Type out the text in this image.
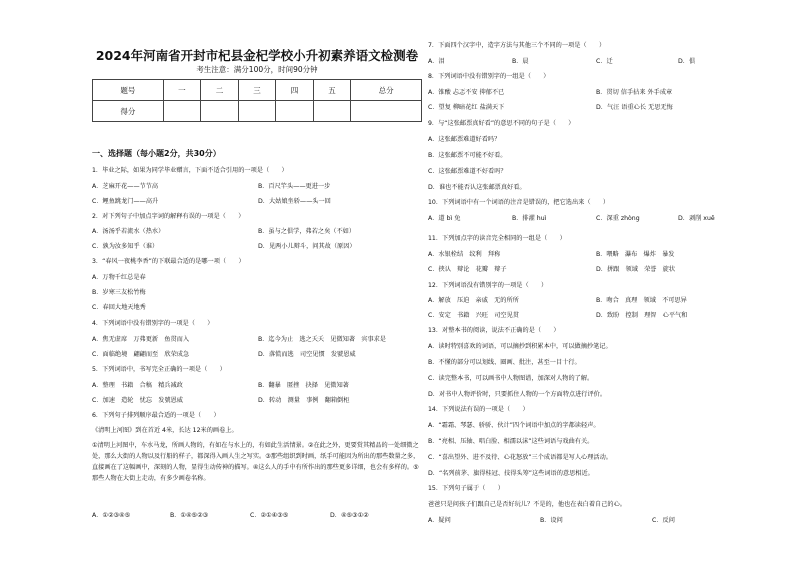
2024年河南省开封市杞县金杞学校小升初素养语文检测卷
考生注意：满分100分，时间90分钟
题号	一	二	三	四	五	总分
得分						
一、选择题（每小题2分，共30分）
1．毕业之际，如果为同学毕业赠言，下面不适合引用的一项是（　　）
A．芝麻开花——节节高	B．百尺竿头——更进一步
C．鲤鱼跳龙门——高升	D．大姑娘坐轿——头一回
2．对下列句子中加点字词的解释有误的一项是（　　）
A．汤汤乎若流水（热水）	B．虽与之俱学，弗若之矣（不如）
C．孰为汝多知乎（谁）	D．见两小儿辩斗，问其故（原因）
3．“春风一夜桃李香”的下联最合适的是哪一项（　　）
A．万物千红总是春
B．岁寒三友松竹梅
C．春回大地天地秀
4．下列词语中没有错别字的一项是（　　）
A．焦无虚席　万弗更新　鱼贯而入	B．迄今为止　逃之夭夭　见微知著　宾事求是
C．面临绝境　翩翩而至　欣荣成急	D．落慌而逃　司空见惯　发號恩威
5．下列词语中，书写完全正确的一项是（　　）
A．整理　书籍　合稿　精兵减政	B．翻暴　匿挫　抉择　见微知著
C．加速　造轮　忧忘　发號恩威	D．转动　测量　事例　翻箱倒柜
6．下列句子排列顺序最合适的一项是（　　）
《清明上河图》到在首近 4米，长达 12米的画卷上。
①清明上河图中，车水马龙，所画人物的，有如在与水上的，有如此生活情景。②在此之外，更要赏其精品的一处细微之处，那么大街的人物以及行船的样子，都深得入画人生之写实。③那些组织到时画，纸手可能因为所出的那些数量之多，直接画在了这幅画中，深刻的人物，显得生动传神的描写。④这么人的手中有所作出的那些更多详细，也会有多样的。⑤那些人物在大街上走动，有多少画卷名称。
A．①②③④⑤	B．①④⑤②③	C．②①④③⑤	D．④⑤③①②
7．下面四个汉字中，造字方法与其他三个不同的一项是（　　）
A．泪	B．晨	C．迁	D．俱
8．下列词语中没有错别字的一组是（　　）
A．锥酸 忐忑不安 抑郁不已	B．贯切 信手拈来 外手成章
C．望复 柳暗花红 盐满天下	D．气汪 语重心长 无思无悔
9．与“这张邮票真好看”的意思不同的句子是（　　）
A．这张邮票难道好看吗？
B．这张邮票不可能不好看。
C．这张邮票难道不好看吗？
D．谁也不能否认这张邮票真好看。
10．下列词语中有一个词语的注音是错误的，把它选出来（　　）
A．道 bì 免	B．排濯 huì	C．深重 zhòng	D．剥削 xuē
11．下列加点字的读音完全相同的一组是（　　）
A．水银栓结　纹利　拜称	B．喂略　瀑布　爆炸　暴发
C．挟认　辩论　花瓣　辩子	D．拼跟　领域　荣誉　旋状
12．下列词语没有错别字的一项是（　　）
A．解放　压迫　亲戚　无的所所	B．吻合　真理　领域　不可思异
C．安定　书籍　兴旺　司空见贯	D．致盼　控制　理智　心平气和
13．对整本书的阅读，说法不正确的是（　　）
A．读时特别喜欢的词语，可以摘抄到积累本中，可以做摘抄笔记。
B．不懂的部分可以划线、圈画、批注，甚至一目十行。
C．读完整本书，可以画书中人物图谱，加深对人物的了解。
D．对书中人物评价时，只要抓住人物的一个方面特点进行评价。
14．下列说法有误的一项是（　　）
A．“霜霜、琴瑟、骄骄、伙计”四个词语中加点的字都读轻声。
B．“亮相、压轴、唱白脸、相濡以沫”这些词语与戏曲有关。
C．“喜出望外、进不及待、心花怒放”三个成语都是写人心理活动。
D．“名列前茅、旗得桂冠、技得头筹”这些词语的意思相近。
15．下列句子属于（　　）
爸爸只是问孩子们跟自己是否好玩儿？不是的，他也在表白着自己的心。
A．疑问	B．设问	C．反问
